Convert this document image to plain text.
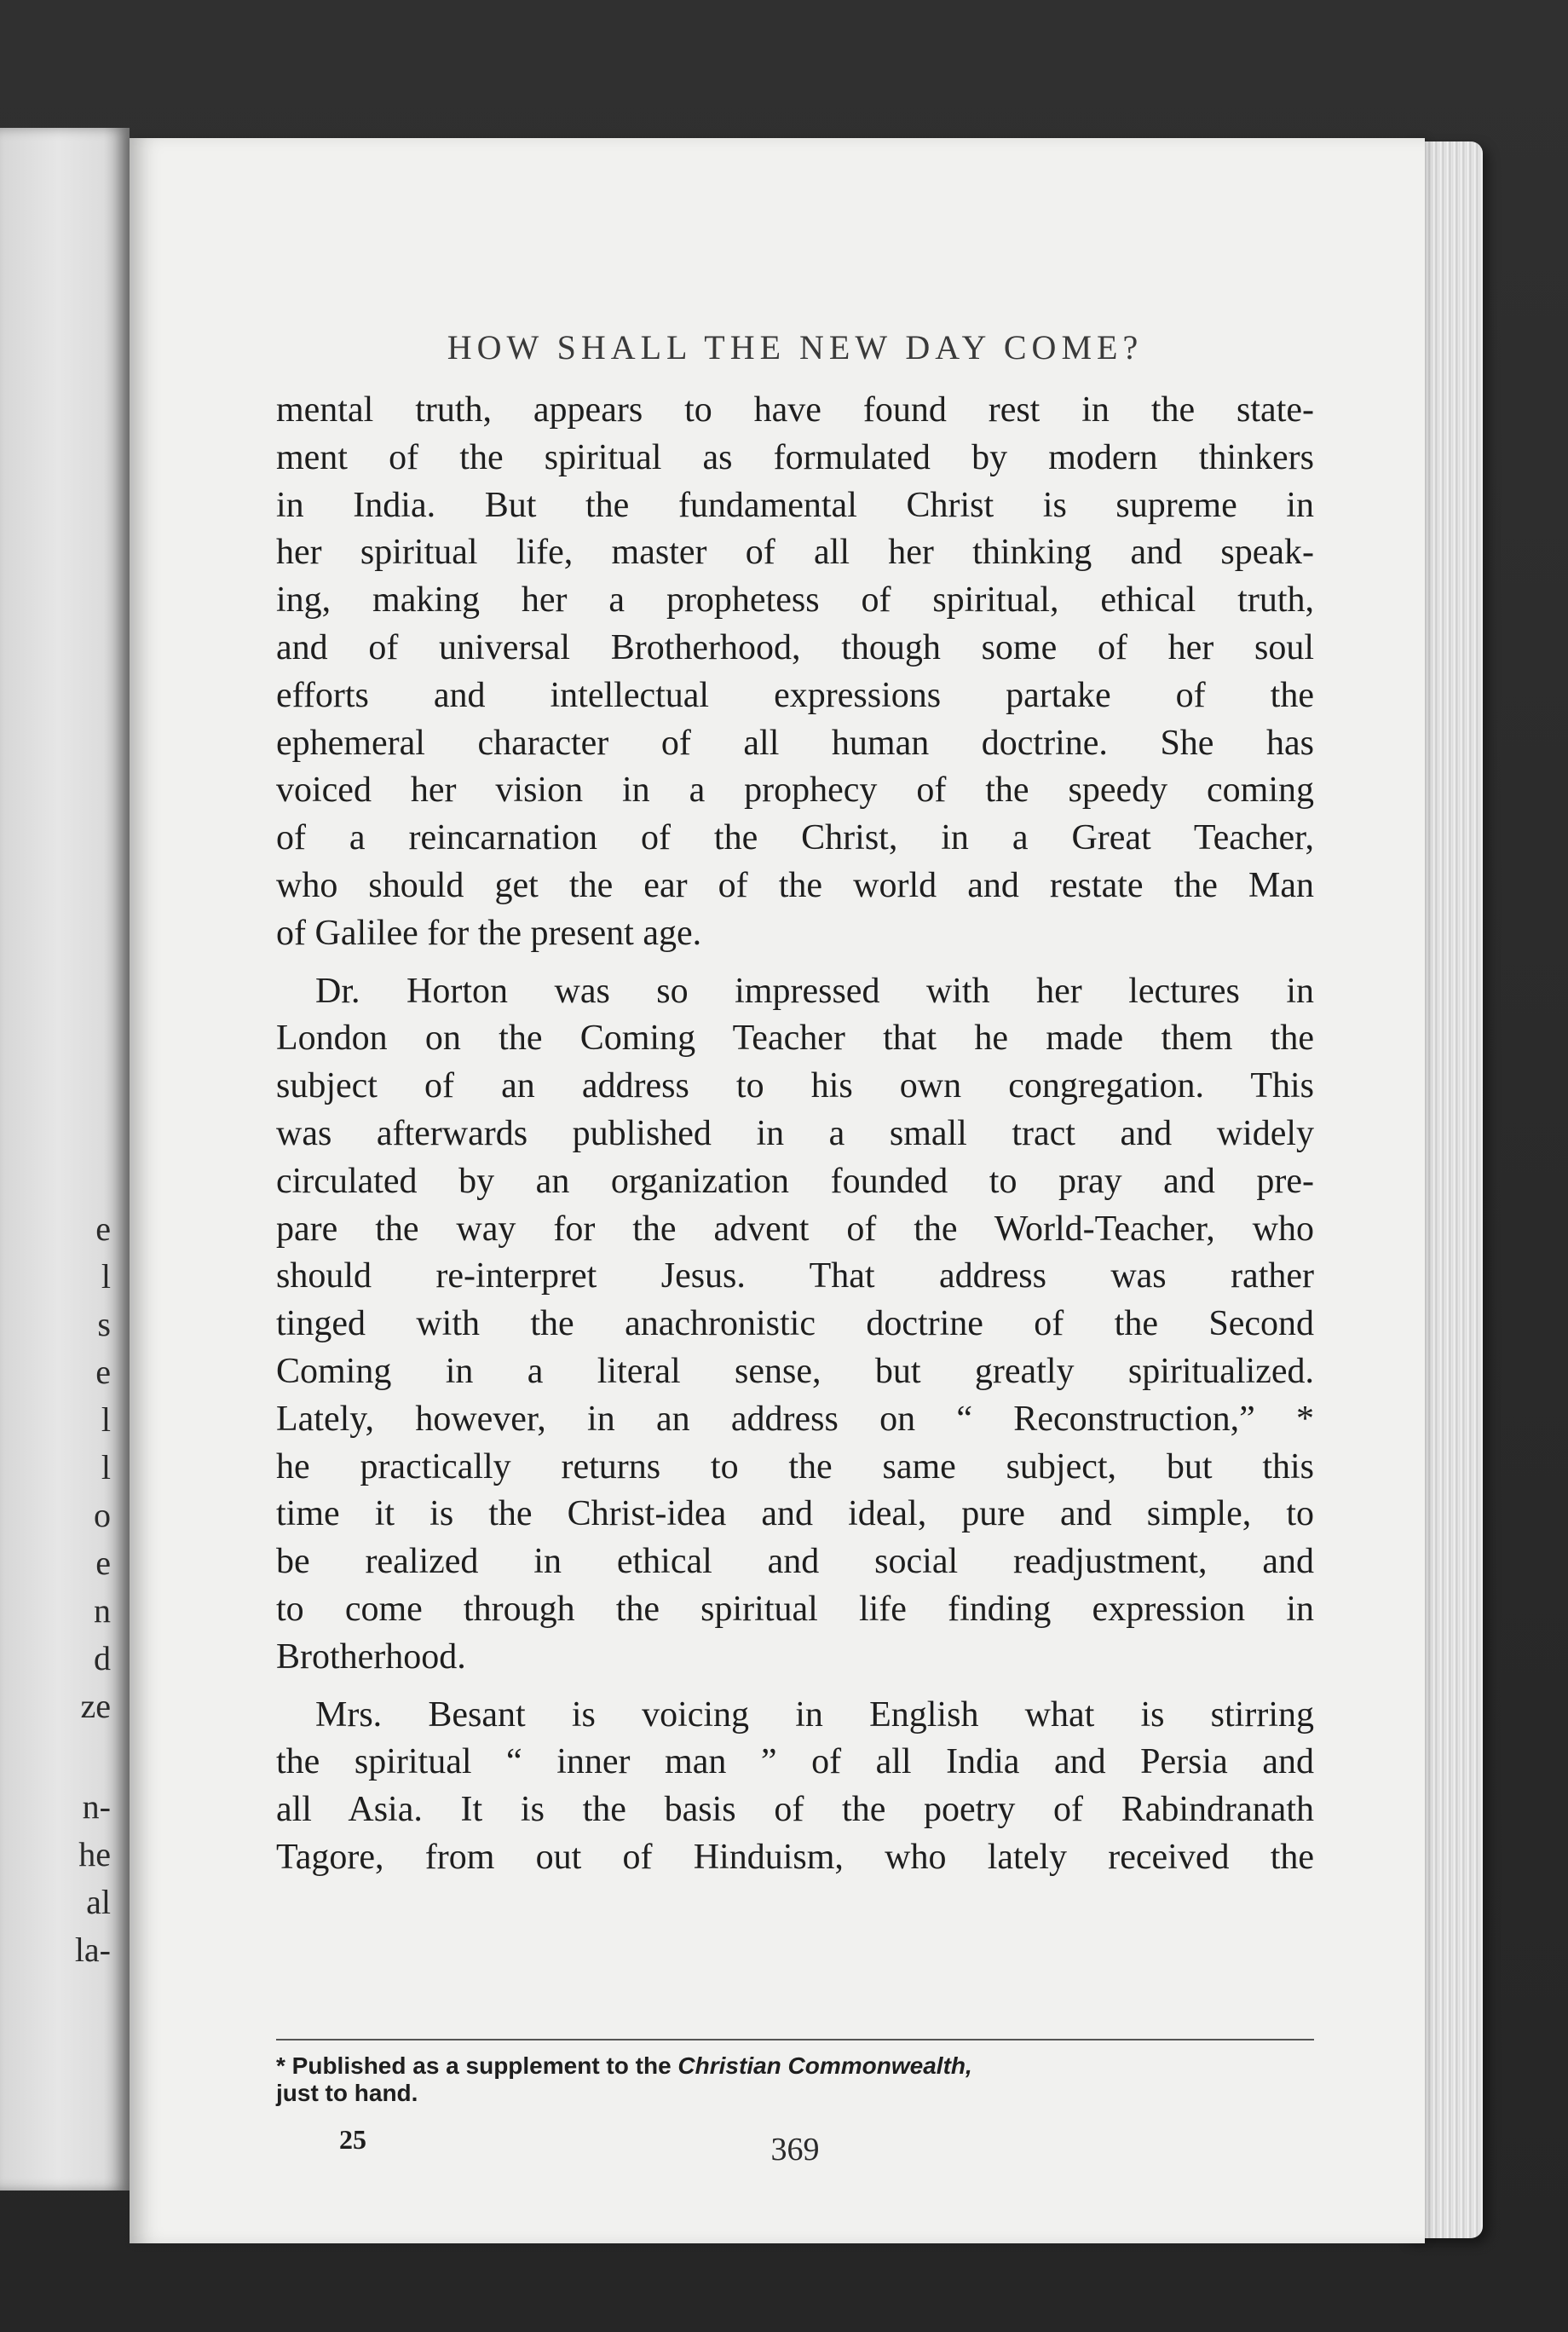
e
l
s
e
l
l
o
e
n
d
ze
n-
he
al
la-
HOW SHALL THE NEW DAY COME?
mental truth, appears to have found rest in the state-
ment of the spiritual as formulated by modern thinkers
in India. But the fundamental Christ is supreme in
her spiritual life, master of all her thinking and speak-
ing, making her a prophetess of spiritual, ethical truth,
and of universal Brotherhood, though some of her soul
efforts and intellectual expressions partake of the
ephemeral character of all human doctrine. She has
voiced her vision in a prophecy of the speedy coming
of a reincarnation of the Christ, in a Great Teacher,
who should get the ear of the world and restate the Man
of Galilee for the present age.
Dr. Horton was so impressed with her lectures in
London on the Coming Teacher that he made them the
subject of an address to his own congregation. This
was afterwards published in a small tract and widely
circulated by an organization founded to pray and pre-
pare the way for the advent of the World-Teacher, who
should re-interpret Jesus. That address was rather
tinged with the anachronistic doctrine of the Second
Coming in a literal sense, but greatly spiritualized.
Lately, however, in an address on “ Reconstruction,” *
he practically returns to the same subject, but this
time it is the Christ-idea and ideal, pure and simple, to
be realized in ethical and social readjustment, and
to come through the spiritual life finding expression in
Brotherhood.
Mrs. Besant is voicing in English what is stirring
the spiritual “ inner man ” of all India and Persia and
all Asia. It is the basis of the poetry of Rabindranath
Tagore, from out of Hinduism, who lately received the
* Published as a supplement to the Christian Commonwealth,
just to hand.
25	369
